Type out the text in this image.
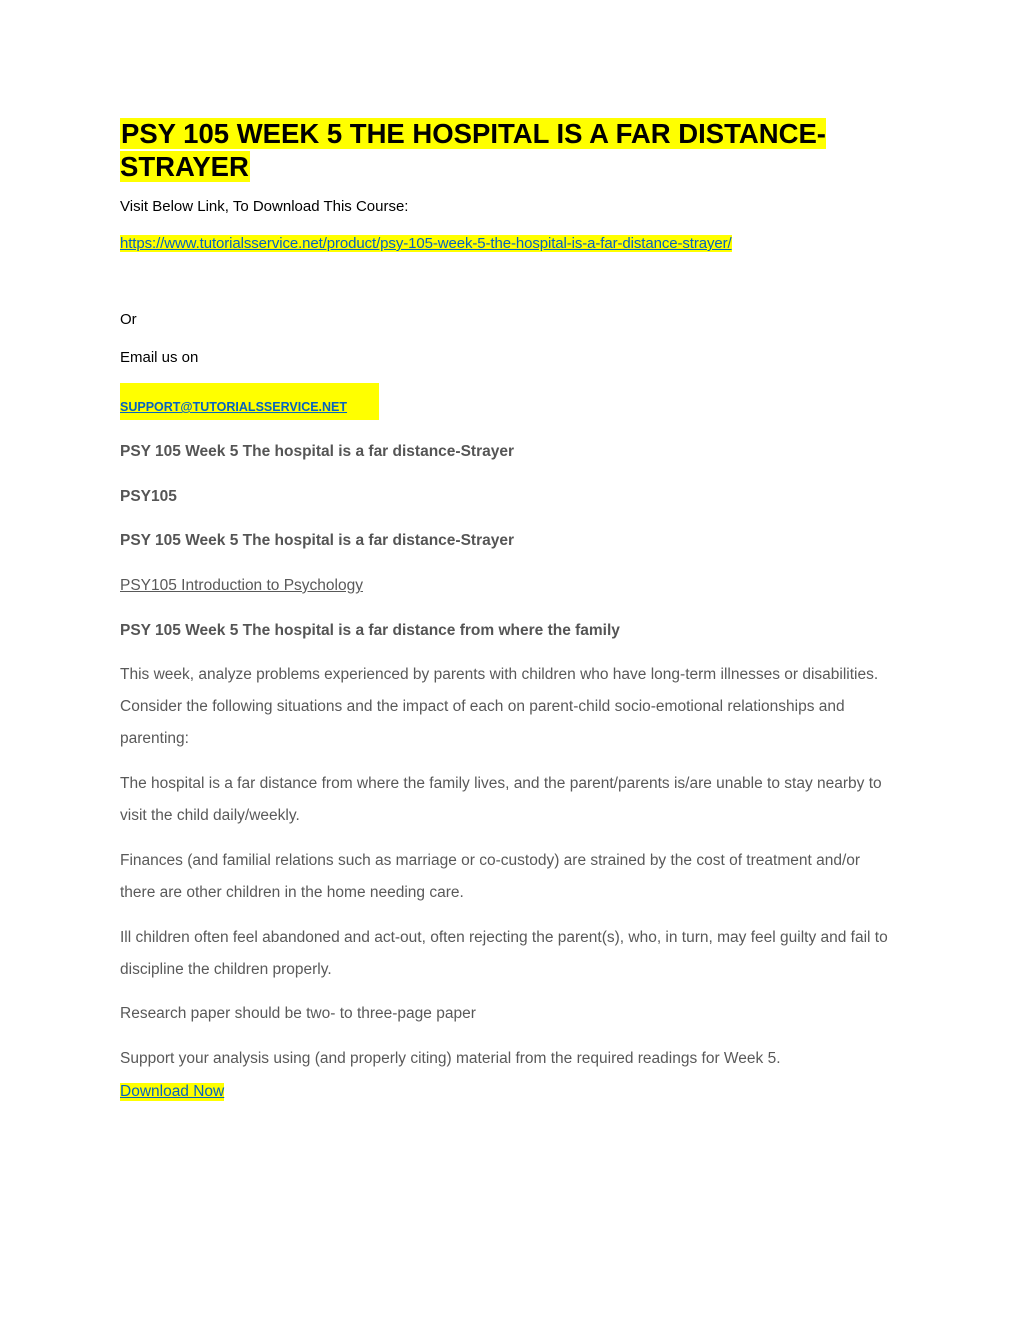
PSY 105 WEEK 5 THE HOSPITAL IS A FAR DISTANCE-STRAYER
Visit Below Link, To Download This Course:
https://www.tutorialsservice.net/product/psy-105-week-5-the-hospital-is-a-far-distance-strayer/
Or
Email us on
SUPPORT@TUTORIALSSERVICE.NET
PSY 105 Week 5 The hospital is a far distance-Strayer
PSY105
PSY 105 Week 5 The hospital is a far distance-Strayer
PSY105 Introduction to Psychology
PSY 105 Week 5 The hospital is a far distance from where the family

This week, analyze problems experienced by parents with children who have long-term illnesses or disabilities. Consider the following situations and the impact of each on parent-child socio-emotional relationships and parenting:

The hospital is a far distance from where the family lives, and the parent/parents is/are unable to stay nearby to visit the child daily/weekly.

Finances (and familial relations such as marriage or co-custody) are strained by the cost of treatment and/or there are other children in the home needing care.

Ill children often feel abandoned and act-out, often rejecting the parent(s), who, in turn, may feel guilty and fail to discipline the children properly.

Research paper should be two- to three-page paper

Support your analysis using (and properly citing) material from the required readings for Week 5.

Download Now
